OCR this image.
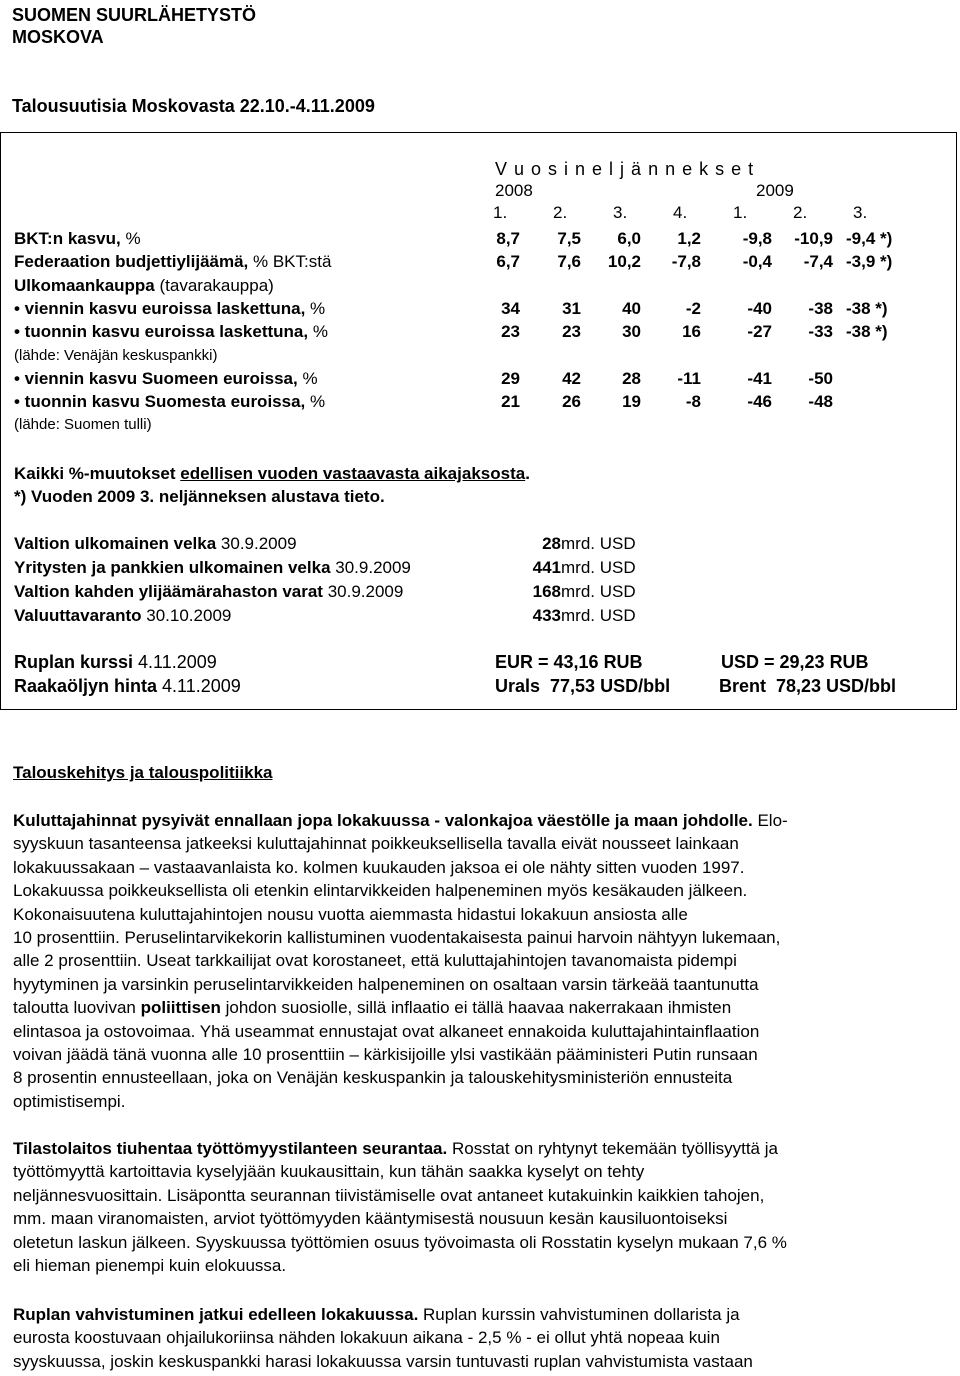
SUOMEN SUURLÄHETYSTÖ
MOSKOVA
Talousuutisia Moskovasta 22.10.-4.11.2009
V u o s i n e l j ä n n e k s e t
2008	2009
1.	2.	3.	4.	1.	2.	3.
BKT:n kasvu, %	8,7	7,5	6,0	1,2	-9,8	-10,9 -9,4 *)
Federaation budjettiylijäämä, % BKT:stä	6,7	7,6	10,2	-7,8	-0,4	-7,4 -3,9 *)
Ulkomaankauppa (tavarakauppa)
• viennin kasvu euroissa laskettuna, %	34	31	40	-2	-40	-38 -38 *)
• tuonnin kasvu euroissa laskettuna, %	23	23	30	16	-27	-33 -38 *)
(lähde: Venäjän keskuspankki)
• viennin kasvu Suomeen euroissa, %	29	42	28	-11	-41	-50
• tuonnin kasvu Suomesta euroissa, %	21	26	19	-8	-46	-48
(lähde: Suomen tulli)
Kaikki %-muutokset edellisen vuoden vastaavasta aikajaksosta.
*) Vuoden 2009 3. neljänneksen alustava tieto.
Valtion ulkomainen velka 30.9.2009	28 mrd. USD
Yritysten ja pankkien ulkomainen velka 30.9.2009	441 mrd. USD
Valtion kahden ylijäämärahaston varat 30.9.2009	168 mrd. USD
Valuuttavaranto 30.10.2009	433 mrd. USD
Ruplan kurssi 4.11.2009	EUR = 43,16 RUB	USD = 29,23 RUB
Raakaöljyn hinta 4.11.2009	Urals  77,53 USD/bbl	Brent  78,23 USD/bbl
Talouskehitys ja talouspolitiikka
Kuluttajahinnat pysyivät ennallaan jopa lokakuussa - valonkajoa väestölle ja maan johdolle. Elo-
syyskuun tasanteensa jatkeeksi kuluttajahinnat poikkeuksellisella tavalla eivät nousseet lainkaan
lokakuussakaan – vastaavanlaista ko. kolmen kuukauden jaksoa ei ole nähty sitten vuoden 1997.
Lokakuussa poikkeuksellista oli etenkin elintarvikkeiden halpeneminen myös kesäkauden jälkeen.
Kokonaisuutena kuluttajahintojen nousu vuotta aiemmasta hidastui lokakuun ansiosta alle
10 prosenttiin. Peruselintarvikekorin kallistuminen vuodentakaisesta painui harvoin nähtyyn lukemaan,
alle 2 prosenttiin. Useat tarkkailijat ovat korostaneet, että kuluttajahintojen tavanomaista pidempi
hyytyminen ja varsinkin peruselintarvikkeiden halpeneminen on osaltaan varsin tärkeää taantunutta
taloutta luovivan poliittisen johdon suosiolle, sillä inflaatio ei tällä haavaa nakerrakaan ihmisten
elintasoa ja ostovoimaa. Yhä useammat ennustajat ovat alkaneet ennakoida kuluttajahintainflaation
voivan jäädä tänä vuonna alle 10 prosenttiin – kärkisijoille ylsi vastikään pääministeri Putin runsaan
8 prosentin ennusteellaan, joka on Venäjän keskuspankin ja talouskehitysministeriön ennusteita
optimistisempi.
Tilastolaitos tiuhentaa työttömyystilanteen seurantaa. Rosstat on ryhtynyt tekemään työllisyyttä ja
työttömyyttä kartoittavia kyselyjään kuukausittain, kun tähän saakka kyselyt on tehty
neljännesvuosittain. Lisäpontta seurannan tiivistämiselle ovat antaneet kutakuinkin kaikkien tahojen,
mm. maan viranomaisten, arviot työttömyyden kääntymisestä nousuun kesän kausiluontoiseksi
oletetun laskun jälkeen. Syyskuussa työttömien osuus työvoimasta oli Rosstatin kyselyn mukaan 7,6 %
eli hieman pienempi kuin elokuussa.
Ruplan vahvistuminen jatkui edelleen lokakuussa. Ruplan kurssin vahvistuminen dollarista ja
eurosta koostuvaan ohjailukoriinsa nähden lokakuun aikana - 2,5 % - ei ollut yhtä nopeaa kuin
syyskuussa, joskin keskuspankki harasi lokakuussa varsin tuntuvasti ruplan vahvistumista vastaan
